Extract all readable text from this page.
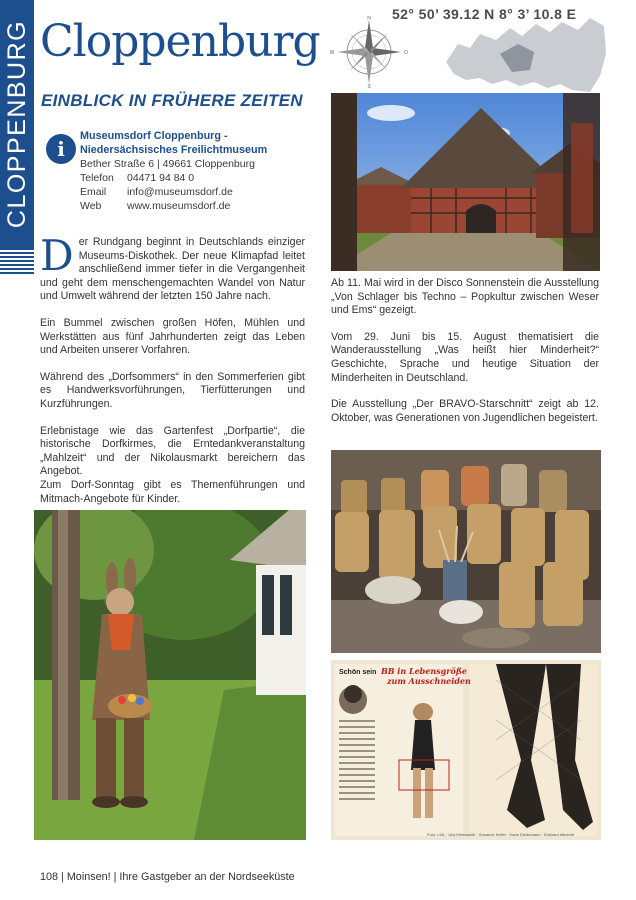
CLOPPENBURG Cloppenburg
EINBLICK IN FRÜHERE ZEITEN
52° 50’ 39.12 N 8° 3’ 10.8 E
N
S
W	O
i
Museumsdorf Cloppenburg -
Niedersächsisches Freilichtmuseum
Bether Straße 6 | 49661 Cloppenburg
Telefon 04471 94 84 0
Email info@museumsdorf.de
Web www.museumsdorf.de

Der Rundgang beginnt in Deutschlands einziger Museums-Diskothek. Der neue Klimapfad leitet anschließend immer tiefer in die Vergangenheit und geht dem menschengemachten Wandel von Natur und Umwelt während der letzten 150 Jahre nach.

Ein Bummel zwischen großen Höfen, Mühlen und Werkstätten aus fünf Jahrhunderten zeigt das Leben und Arbeiten unserer Vorfahren.

Während des „Dorfsommers“ in den Sommerferien gibt es Handwerksvorführungen, Tierfütterungen und Kurzführungen.

Erlebnistage wie das Gartenfest „Dorfpartie“, die historische Dorfkirmes, die Erntedankveranstaltung „Mahlzeit“ und der Nikolausmarkt bereichern das Angebot.

Zum Dorf-Sonntag gibt es Themenführungen und Mitmach-Angebote für Kinder.

Ab 11. Mai wird in der Disco Sonnenstein die Ausstellung „Von Schlager bis Techno – Popkultur zwischen Weser und Ems“ gezeigt.

Vom 29. Juni bis 15. August thematisiert die Wanderausstellung „Was heißt hier Minderheit?“ Geschichte, Sprache und heutige Situation der Minderheiten in Deutschland.

Die Ausstellung „Der BRAVO-Starschnitt“ zeigt ab 12. Oktober, was Generationen von Jugendlichen begeistert.

Schön sein BB in Lebensgröße
zum Ausschneiden
Foto: LML · Ulla Meerwarth · Susanne Keller · Karin Diedemann · Eckhard Albrecht
108 | Moinsen! | Ihre Gastgeber an der Nordseeküste
